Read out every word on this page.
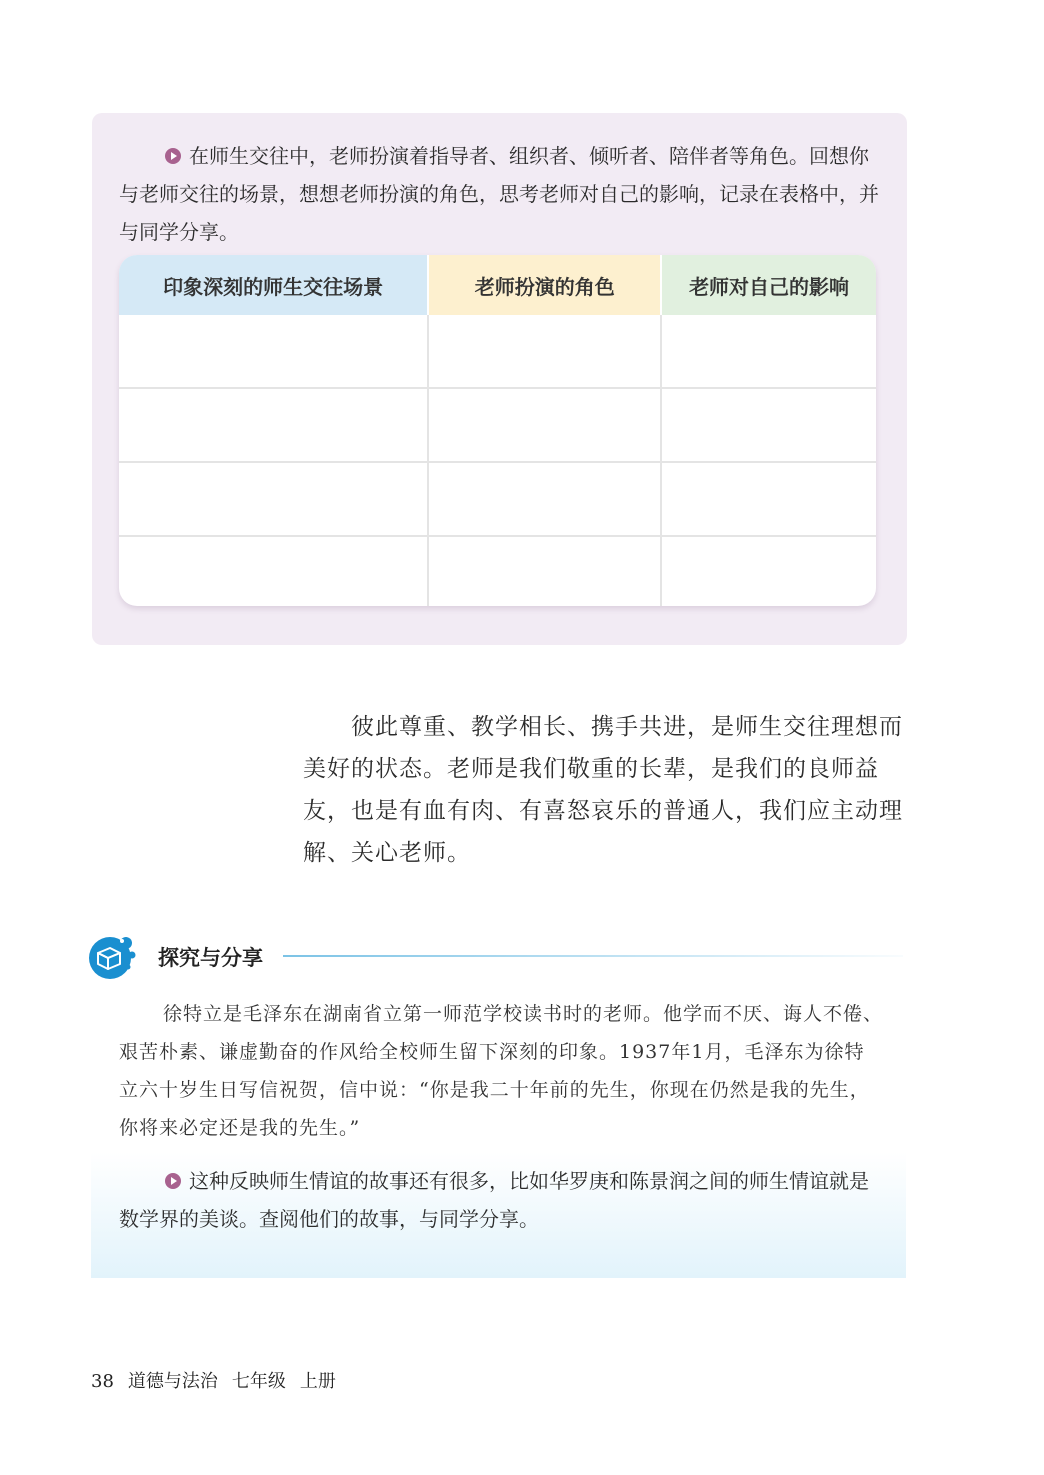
在师生交往中，老师扮演着指导者、组织者、倾听者、陪伴者等角色。回想你与老师交往的场景，想想老师扮演的角色，思考老师对自己的影响，记录在表格中，并与同学分享。

印象深刻的师生交往场景	老师扮演的角色	老师对自己的影响

彼此尊重、教学相长、携手共进，是师生交往理想而美好的状态。老师是我们敬重的长辈，是我们的良师益友，也是有血有肉、有喜怒哀乐的普通人，我们应主动理解、关心老师。

探究与分享

徐特立是毛泽东在湖南省立第一师范学校读书时的老师。他学而不厌、诲人不倦、艰苦朴素、谦虚勤奋的作风给全校师生留下深刻的印象。1937年1月，毛泽东为徐特立六十岁生日写信祝贺，信中说：“你是我二十年前的先生，你现在仍然是我的先生，你将来必定还是我的先生。”

这种反映师生情谊的故事还有很多，比如华罗庚和陈景润之间的师生情谊就是数学界的美谈。查阅他们的故事，与同学分享。

38 道德与法治 七年级 上册
